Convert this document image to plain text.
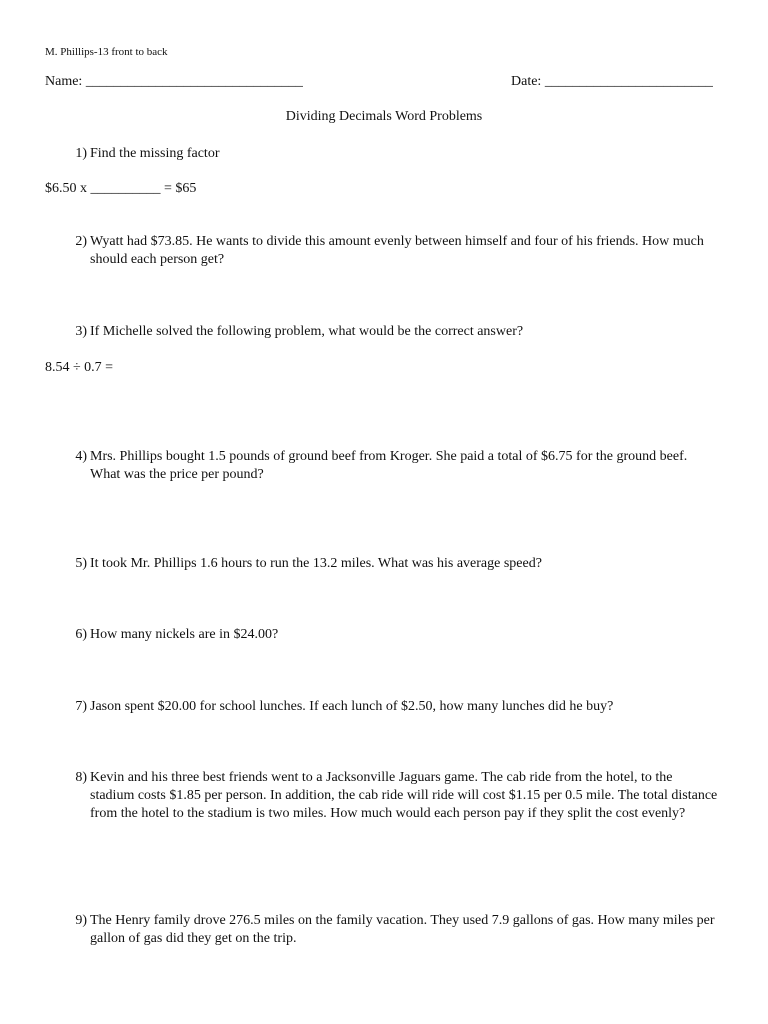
M. Phillips-13 front to back
Name: _______________________________	Date: ________________________
Dividing Decimals Word Problems
1) Find the missing factor
$6.50 x __________ = $65
2) Wyatt had $73.85. He wants to divide this amount evenly between himself and four of his friends. How much should each person get?
3) If Michelle solved the following problem, what would be the correct answer?
8.54 ÷ 0.7 =
4) Mrs. Phillips bought 1.5 pounds of ground beef from Kroger. She paid a total of $6.75 for the ground beef. What was the price per pound?
5) It took Mr. Phillips 1.6 hours to run the 13.2 miles. What was his average speed?
6) How many nickels are in $24.00?
7) Jason spent $20.00 for school lunches. If each lunch of $2.50, how many lunches did he buy?
8) Kevin and his three best friends went to a Jacksonville Jaguars game. The cab ride from the hotel, to the stadium costs $1.85 per person. In addition, the cab ride will ride will cost $1.15 per 0.5 mile. The total distance from the hotel to the stadium is two miles. How much would each person pay if they split the cost evenly?
9) The Henry family drove 276.5 miles on the family vacation. They used 7.9 gallons of gas. How many miles per gallon of gas did they get on the trip.
